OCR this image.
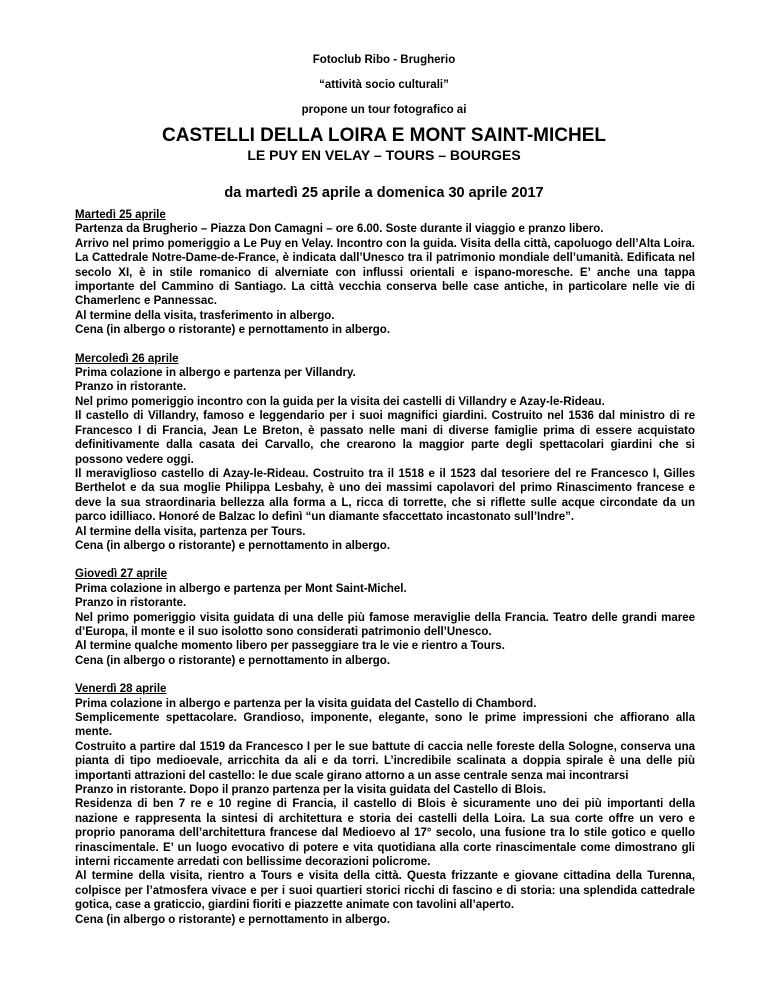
Fotoclub Ribo - Brugherio
“attività socio culturali”
propone un tour fotografico ai
CASTELLI DELLA LOIRA E MONT SAINT-MICHEL
LE PUY EN VELAY – TOURS – BOURGES
da martedì 25 aprile a domenica 30 aprile 2017
Martedì 25 aprile

Partenza da Brugherio – Piazza Don Camagni – ore 6.00. Soste durante il viaggio e pranzo libero.

Arrivo nel primo pomeriggio a Le Puy en Velay. Incontro con la guida. Visita della città, capoluogo dell’Alta Loira. La Cattedrale Notre-Dame-de-France, è indicata dall’Unesco tra il patrimonio mondiale dell’umanità. Edificata nel secolo XI, è in stile romanico di alverniate con influssi orientali e ispano-moresche. E’ anche una tappa importante del Cammino di Santiago. La città vecchia conserva belle case antiche, in particolare nelle vie di Chamerlenc e Pannessac.

Al termine della visita, trasferimento in albergo.

Cena (in albergo o ristorante) e pernottamento in albergo.

Mercoledì 26 aprile

Prima colazione in albergo e partenza per Villandry.

Pranzo in ristorante.

Nel primo pomeriggio incontro con la guida per la visita dei castelli di Villandry e Azay-le-Rideau.

Il castello di Villandry, famoso e leggendario per i suoi magnifici giardini. Costruito nel 1536 dal ministro di re Francesco I di Francia, Jean Le Breton, è passato nelle mani di diverse famiglie prima di essere acquistato definitivamente dalla casata dei Carvallo, che crearono la maggior parte degli spettacolari giardini che si possono vedere oggi.

Il meraviglioso castello di Azay-le-Rideau. Costruito tra il 1518 e il 1523 dal tesoriere del re Francesco I, Gilles Berthelot e da sua moglie Philippa Lesbahy, è uno dei massimi capolavori del primo Rinascimento francese e deve la sua straordinaria bellezza alla forma a L, ricca di torrette, che si riflette sulle acque circondate da un parco idilliaco. Honoré de Balzac lo definì “un diamante sfaccettato incastonato sull’Indre”.

Al termine della visita, partenza per Tours.

Cena (in albergo o ristorante) e pernottamento in albergo.

Giovedì 27 aprile

Prima colazione in albergo e partenza per Mont Saint-Michel.

Pranzo in ristorante.

Nel primo pomeriggio visita guidata di una delle più famose meraviglie della Francia. Teatro delle grandi maree d’Europa, il monte e il suo isolotto sono considerati patrimonio dell’Unesco.

Al termine qualche momento libero per passeggiare tra le vie e rientro a Tours.

Cena (in albergo o ristorante) e pernottamento in albergo.

Venerdì 28 aprile

Prima colazione in albergo e partenza per la visita guidata del Castello di Chambord.

Semplicemente spettacolare. Grandioso, imponente, elegante, sono le prime impressioni che affiorano alla mente.

Costruito a partire dal 1519 da Francesco I per le sue battute di caccia nelle foreste della Sologne, conserva una pianta di tipo medioevale, arricchita da ali e da torri. L’incredibile scalinata a doppia spirale è una delle più importanti attrazioni del castello: le due scale girano attorno a un asse centrale senza mai incontrarsi

Pranzo in ristorante. Dopo il pranzo partenza per la visita guidata del Castello di Blois.

Residenza di ben 7 re e 10 regine di Francia, il castello di Blois è sicuramente uno dei più importanti della nazione e rappresenta la sintesi di architettura e storia dei castelli della Loira. La sua corte offre un vero e proprio panorama dell’architettura francese dal Medioevo al 17° secolo, una fusione tra lo stile gotico e quello rinascimentale. E’ un luogo evocativo di potere e vita quotidiana alla corte rinascimentale come dimostrano gli interni riccamente arredati con bellissime decorazioni policrome.

Al termine della visita, rientro a Tours e visita della città. Questa frizzante e giovane cittadina della Turenna, colpisce per l’atmosfera vivace e per i suoi quartieri storici ricchi di fascino e di storia: una splendida cattedrale gotica, case a graticcio, giardini fioriti e piazzette animate con tavolini all’aperto.

Cena (in albergo o ristorante) e pernottamento in albergo.
